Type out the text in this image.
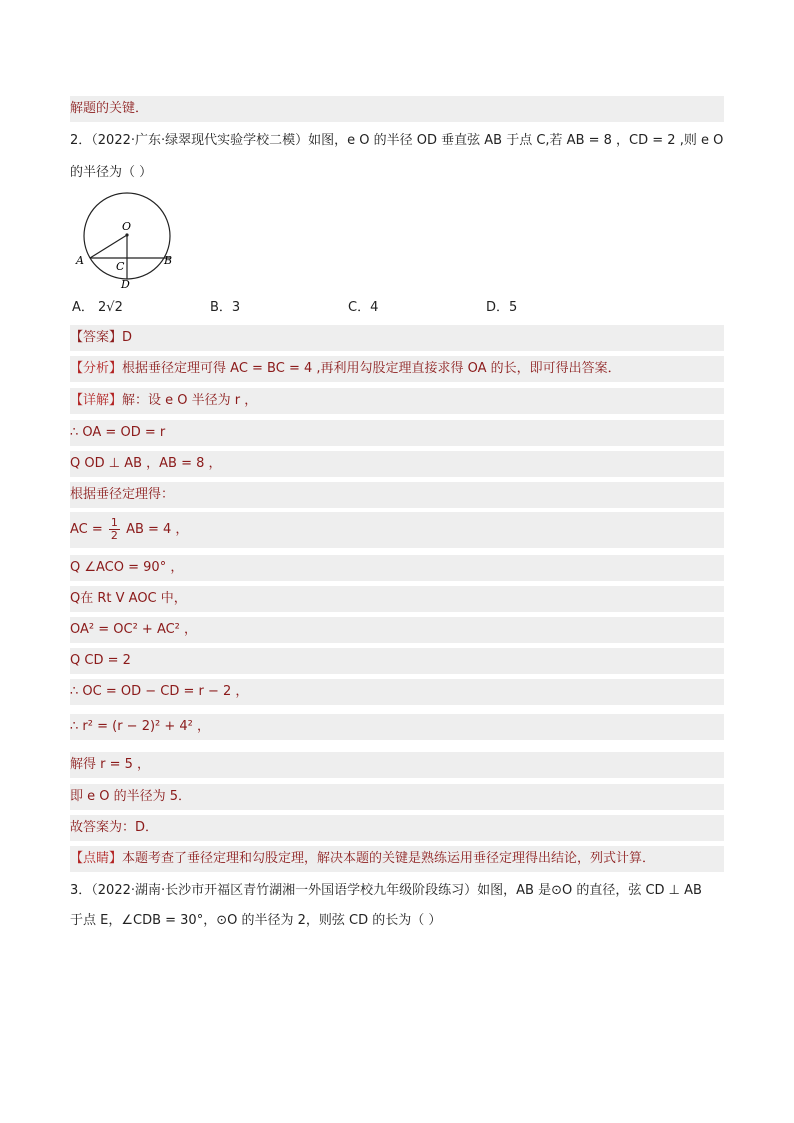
解题的关键．
2．（2022·广东·绿翠现代实验学校二模）如图，e O 的半径 OD 垂直弦 AB 于点 C,若 AB = 8 ，CD = 2 ,则 e O
的半径为（ ）
O
A	B
C
D
A． 2√2	B．3	C．4	D．5
【答案】D
【分析】根据垂径定理可得 AC = BC = 4 ,再利用勾股定理直接求得 OA 的长，即可得出答案．
【详解】解：设 e O 半径为 r ，
∴ OA = OD = r
Q OD ⊥ AB ，AB = 8 ，
根据垂径定理得：
AC = $\frac{1}{2}$ AB = 4 ，
Q ∠ACO = 90° ，
Q在 Rt V AOC 中，
OA² = OC² + AC² ，
Q CD = 2
∴ OC = OD − CD = r − 2 ，
∴ r² = (r − 2)² + 4² ，
解得 r = 5 ，
即 e O 的半径为 5．
故答案为：D．
【点睛】本题考查了垂径定理和勾股定理，解决本题的关键是熟练运用垂径定理得出结论，列式计算．
3．（2022·湖南·长沙市开福区青竹湖湘一外国语学校九年级阶段练习）如图，AB 是⊙O 的直径，弦 CD ⊥ AB
于点 E，∠CDB = 30°，⊙O 的半径为 2，则弦 CD 的长为（ ）
